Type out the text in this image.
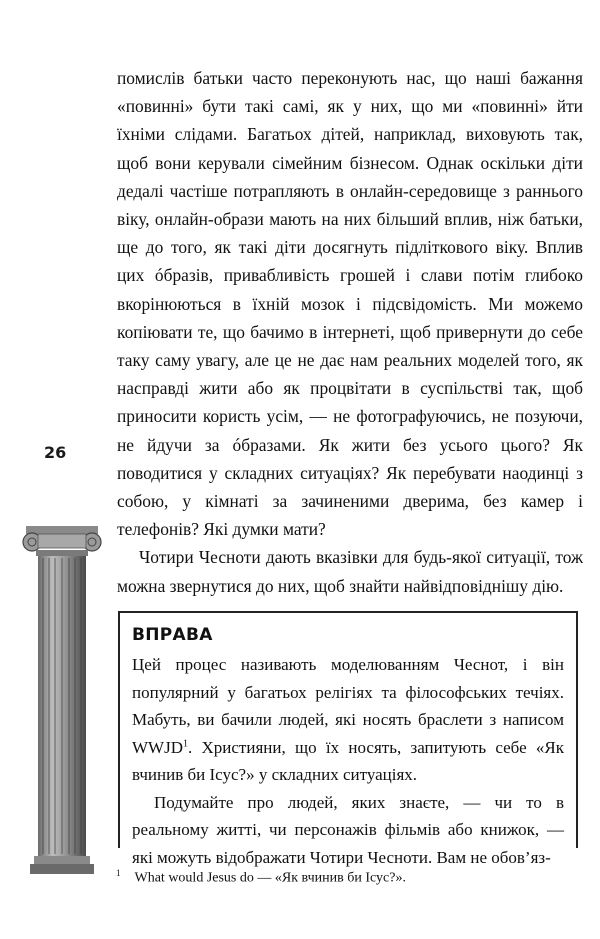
помислів батьки часто переконують нас, що наші бажання «повинні» бути такі самі, як у них, що ми «повинні» йти їхніми слідами. Багатьох дітей, наприклад, виховують так, щоб вони керували сімейним бізнесом. Однак оскільки діти дедалі частіше потрапляють в онлайн-середовище з раннього віку, онлайн-образи мають на них більший вплив, ніж батьки, ще до того, як такі діти досягнуть підліткового віку. Вплив цих óбразів, привабливість грошей і слави потім глибоко вкорінюються в їхній мозок і підсвідомість. Ми можемо копіювати те, що бачимо в інтернеті, щоб привернути до себе таку саму увагу, але це не дає нам реальних моделей того, як насправді жити або як процвітати в суспільстві так, щоб приносити користь усім, — не фотографуючись, не позуючи, не йдучи за óбразами. Як жити без усього цього? Як поводитися у складних ситуаціях? Як перебувати наодинці з собою, у кімнаті за зачиненими дверима, без камер і телефонів? Які думки мати?

Чотири Чесноти дають вказівки для будь-якої ситуації, тож можна звернутися до них, щоб знайти найвідповіднішу дію.

26
ВПРАВА

Цей процес називають моделюванням Чеснот, і він популярний у багатьох релігіях та філософських течіях. Мабуть, ви бачили людей, які носять браслети з написом WWJD$^1$. Християни, що їх носять, запитують себе «Як вчинив би Ісус?» у складних ситуаціях.

Подумайте про людей, яких знаєте, — чи то в реальному житті, чи персонажів фільмів або книжок, — які можуть відображати Чотири Чесноти. Вам не обов’яз-

$^1$ What would Jesus do — «Як вчинив би Ісус?».
